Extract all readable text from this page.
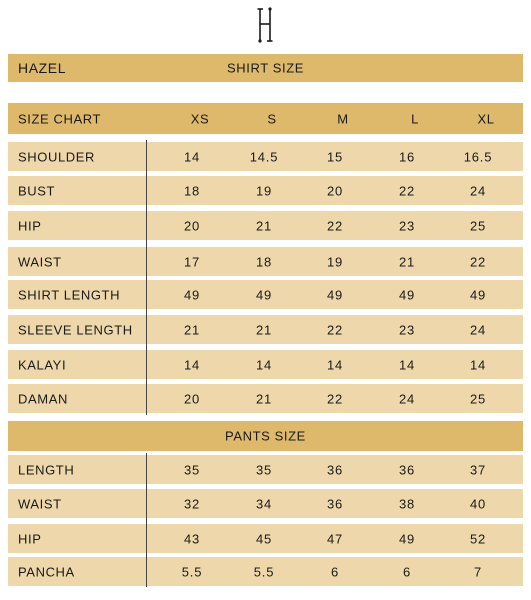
HAZEL	SHIRT SIZE
SIZE CHART	XS	S	M	L	XL
SHOULDER	14	14.5	15	16	16.5
BUST	18	19	20	22	24
HIP	20	21	22	23	25
WAIST	17	18	19	21	22
SHIRT LENGTH	49	49	49	49	49
SLEEVE LENGTH	21	21	22	23	24
KALAYI	14	14	14	14	14
DAMAN	20	21	22	24	25
PANTS SIZE
LENGTH	35	35	36	36	37
WAIST	32	34	36	38	40
HIP	43	45	47	49	52
PANCHA	5.5	5.5	6	6	7
